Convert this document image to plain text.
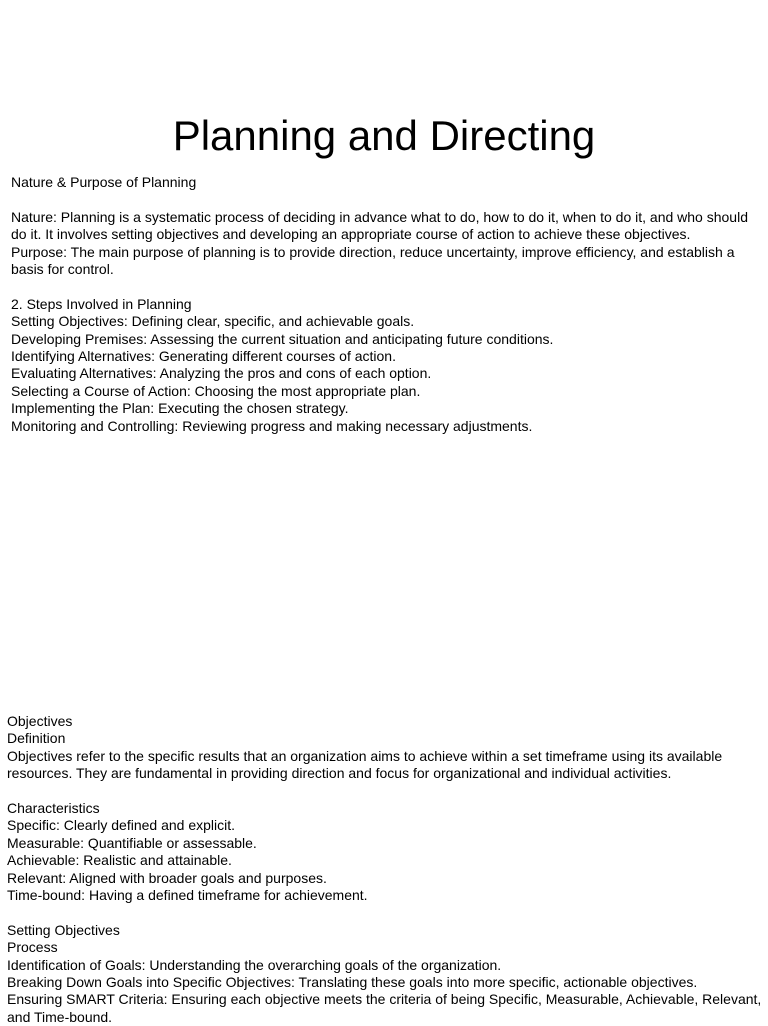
Planning and Directing
Nature & Purpose of Planning
Nature: Planning is a systematic process of deciding in advance what to do, how to do it, when to do it, and who should do it. It involves setting objectives and developing an appropriate course of action to achieve these objectives.
Purpose: The main purpose of planning is to provide direction, reduce uncertainty, improve efficiency, and establish a basis for control.
2. Steps Involved in Planning
Setting Objectives: Defining clear, specific, and achievable goals.
Developing Premises: Assessing the current situation and anticipating future conditions.
Identifying Alternatives: Generating different courses of action.
Evaluating Alternatives: Analyzing the pros and cons of each option.
Selecting a Course of Action: Choosing the most appropriate plan.
Implementing the Plan: Executing the chosen strategy.
Monitoring and Controlling: Reviewing progress and making necessary adjustments.
Objectives
Definition
Objectives refer to the specific results that an organization aims to achieve within a set timeframe using its available resources. They are fundamental in providing direction and focus for organizational and individual activities.
Characteristics
Specific: Clearly defined and explicit.
Measurable: Quantifiable or assessable.
Achievable: Realistic and attainable.
Relevant: Aligned with broader goals and purposes.
Time-bound: Having a defined timeframe for achievement.
Setting Objectives
Process
Identification of Goals: Understanding the overarching goals of the organization.
Breaking Down Goals into Specific Objectives: Translating these goals into more specific, actionable objectives.
Ensuring SMART Criteria: Ensuring each objective meets the criteria of being Specific, Measurable, Achievable, Relevant, and Time-bound.
